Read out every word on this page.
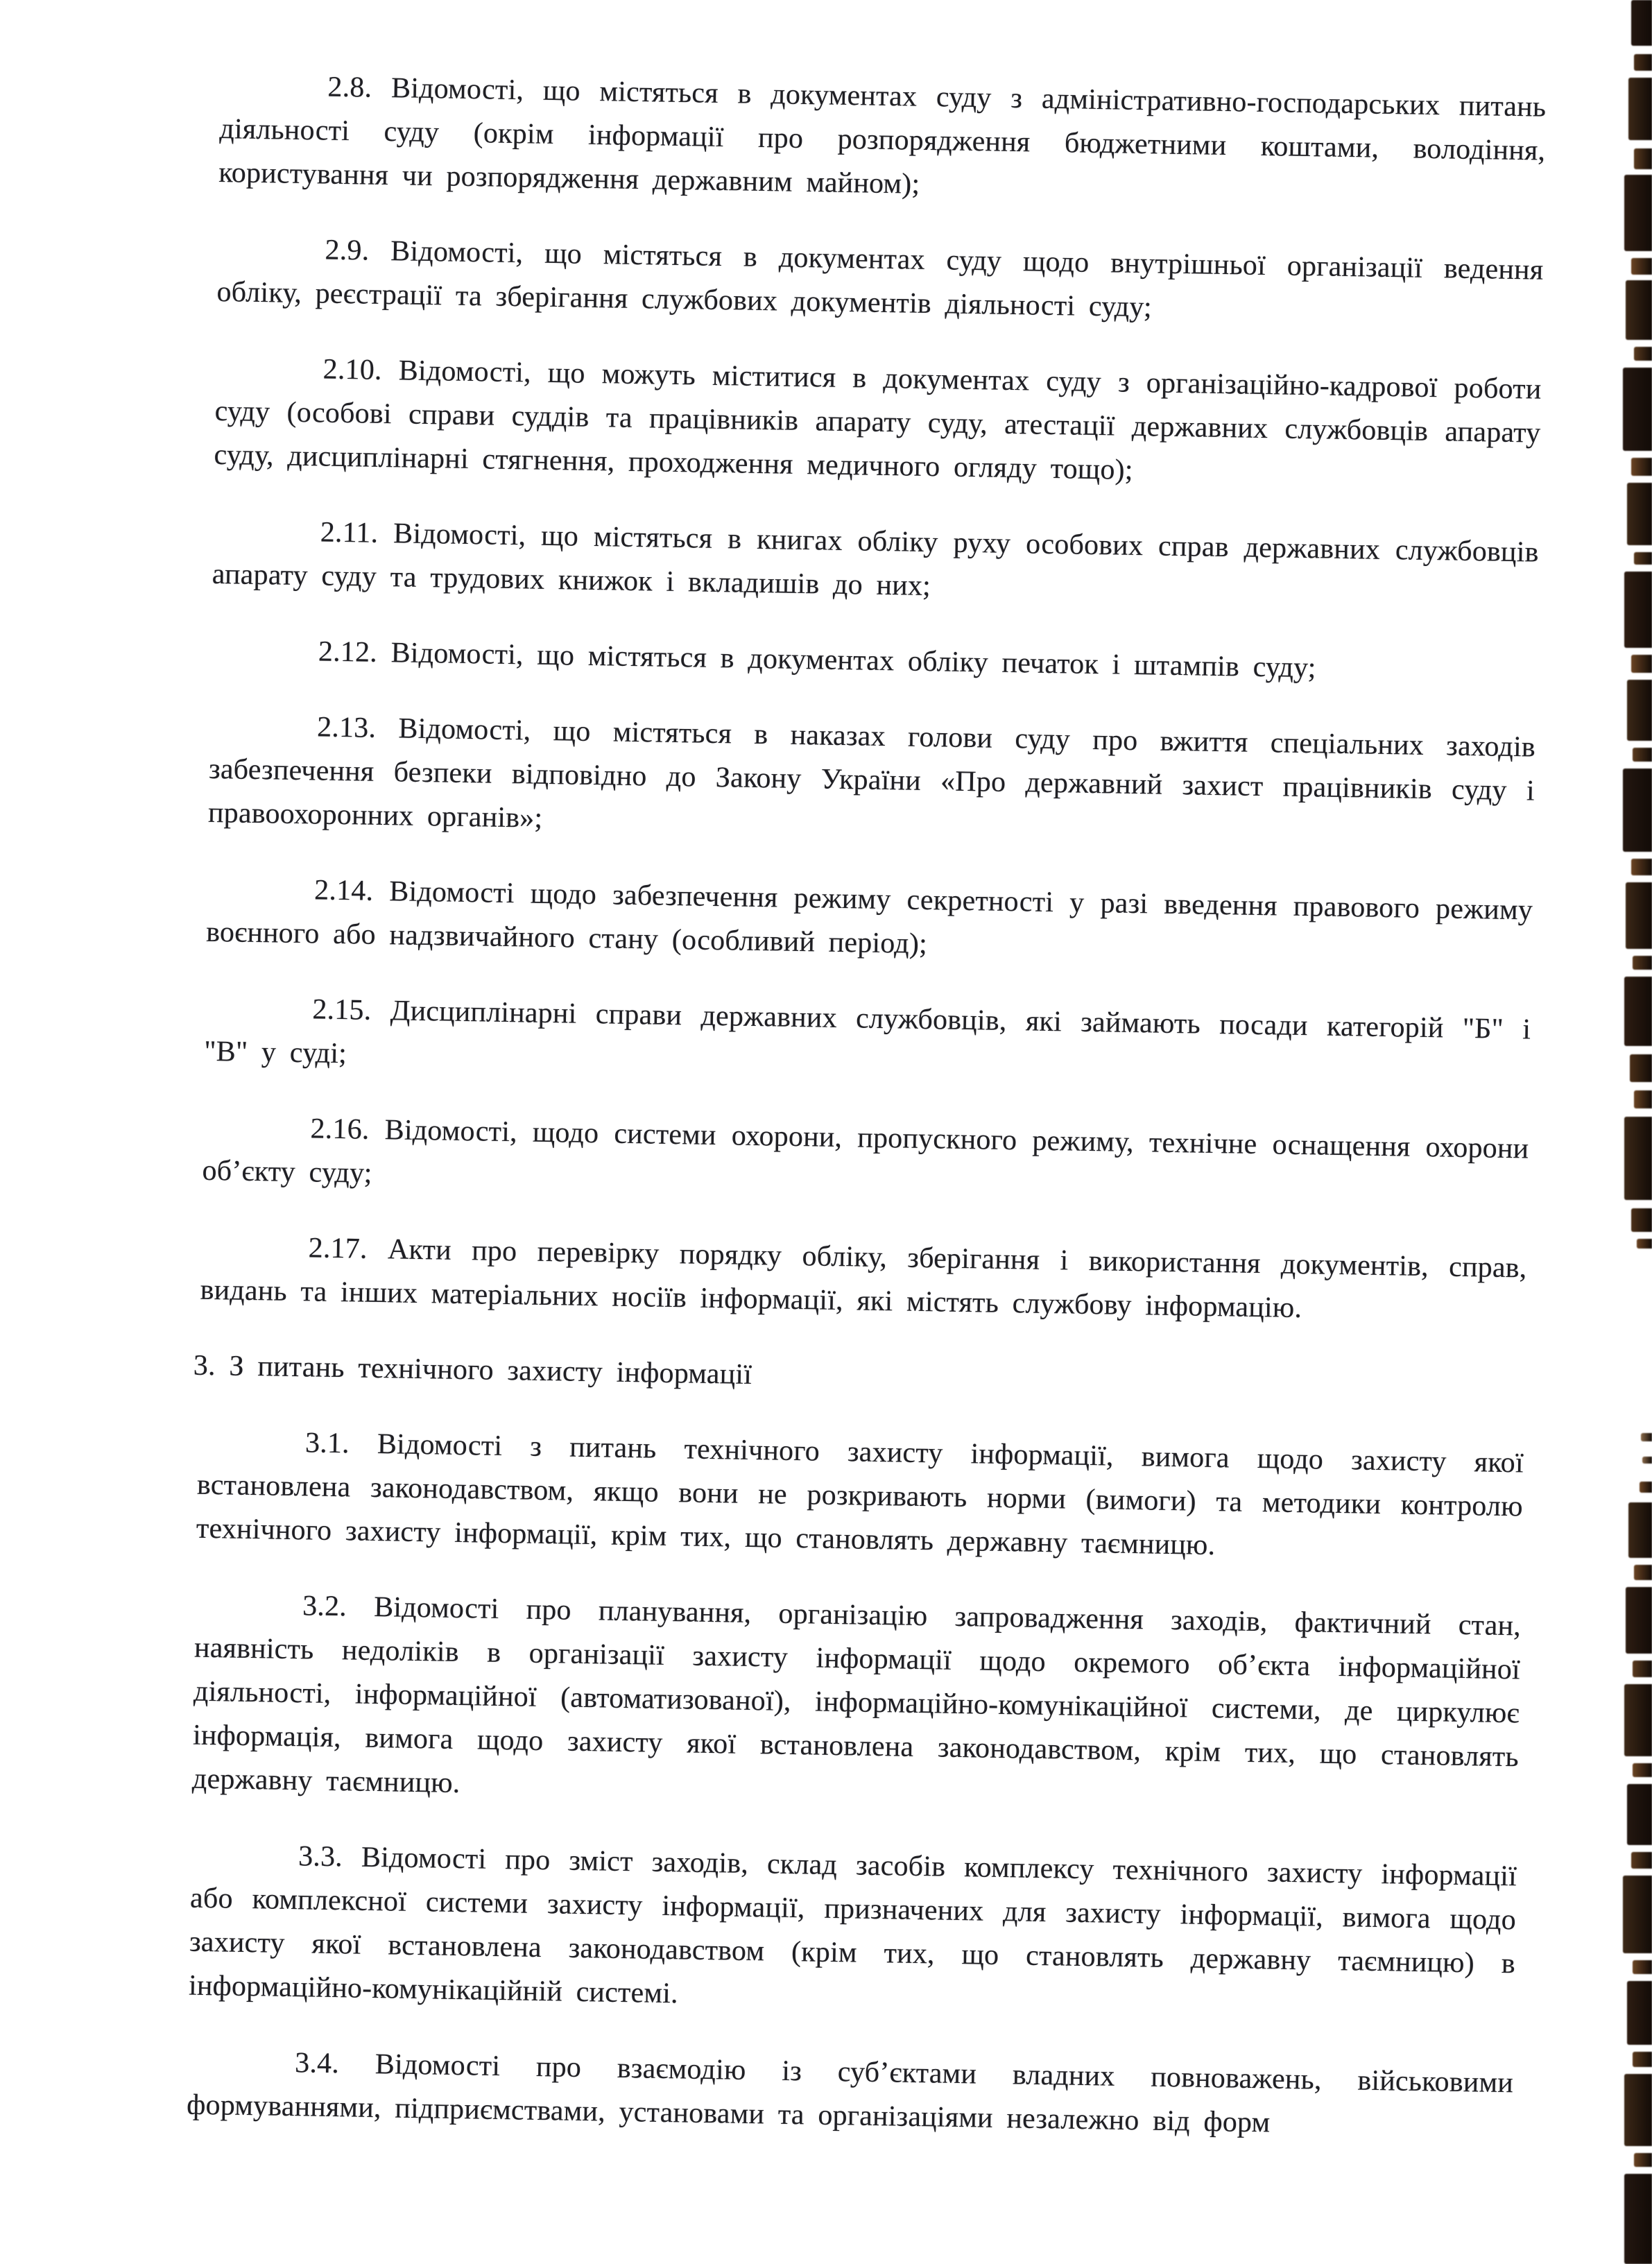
2.8. Відомості, що містяться в документах суду з адміністративно-господарських питань діяльності суду (окрім інформації про розпорядження бюджетними коштами, володіння, користування чи розпорядження державним майном);

2.9. Відомості, що містяться в документах суду щодо внутрішньої організації ведення обліку, реєстрації та зберігання службових документів діяльності суду;

2.10. Відомості, що можуть міститися в документах суду з організаційно-кадрової роботи суду (особові справи суддів та працівників апарату суду, атестації державних службовців апарату суду, дисциплінарні стягнення, проходження медичного огляду тощо);

2.11. Відомості, що містяться в книгах обліку руху особових справ державних службовців апарату суду та трудових книжок і вкладишів до них;

2.12. Відомості, що містяться в документах обліку печаток і штампів суду;

2.13. Відомості, що містяться в наказах голови суду про вжиття спеціальних заходів забезпечення безпеки відповідно до Закону України «Про державний захист працівників суду і правоохоронних органів»;

2.14. Відомості щодо забезпечення режиму секретності у разі введення правового режиму воєнного або надзвичайного стану (особливий період);

2.15. Дисциплінарні справи державних службовців, які займають посади категорій "Б" і "В" у суді;

2.16. Відомості, щодо системи охорони, пропускного режиму, технічне оснащення охорони об’єкту суду;

2.17. Акти про перевірку порядку обліку, зберігання і використання документів, справ, видань та інших матеріальних носіїв інформації, які містять службову інформацію.

3. З питань технічного захисту інформації

3.1. Відомості з питань технічного захисту інформації, вимога щодо захисту якої встановлена законодавством, якщо вони не розкривають норми (вимоги) та методики контролю технічного захисту інформації, крім тих, що становлять державну таємницю.

3.2. Відомості про планування, організацію запровадження заходів, фактичний стан, наявність недоліків в організації захисту інформації щодо окремого об’єкта інформаційної діяльності, інформаційної (автоматизованої), інформаційно-комунікаційної системи, де циркулює інформація, вимога щодо захисту якої встановлена законодавством, крім тих, що становлять державну таємницю.

3.3. Відомості про зміст заходів, склад засобів комплексу технічного захисту інформації або комплексної системи захисту інформації, призначених для захисту інформації, вимога щодо захисту якої встановлена законодавством (крім тих, що становлять державну таємницю) в інформаційно-комунікаційній системі.

3.4. Відомості про взаємодію із суб’єктами владних повноважень, військовими формуваннями, підприємствами, установами та організаціями незалежно від форм
